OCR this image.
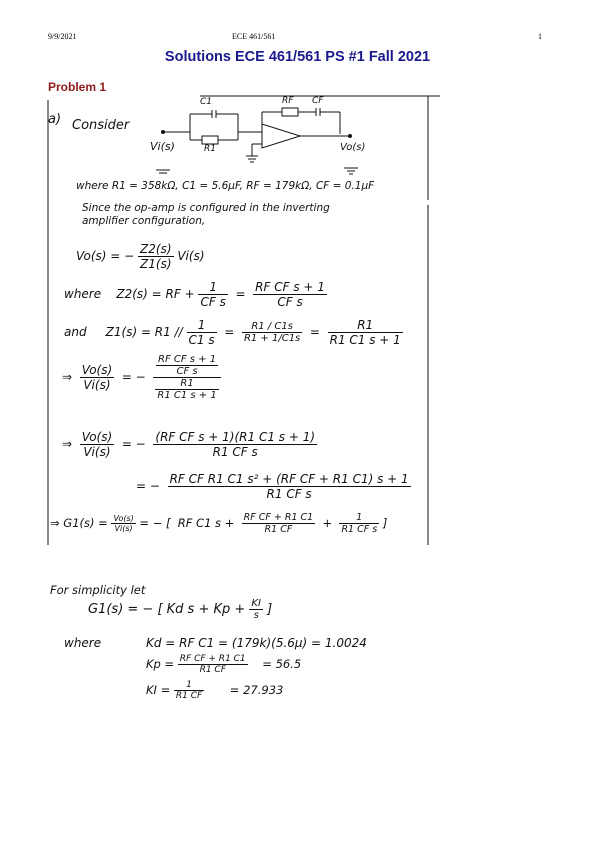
9/9/2021	ECE 461/561	1
Solutions ECE 461/561 PS #1 Fall 2021
Problem 1
a) Consider
C1
R1
RF CF
Vi(s)	Vo(s)
where R1 = 358kΩ, C1 = 5.6μF, RF = 179kΩ, CF = 0.1μF
Since the op-amp is configured in the inverting
amplifier configuration,
Vo(s) = − $\frac{Z2(s)}{Z1(s)} Vi(s)$
where Z2(s) = RF + $\frac{1}{\text{CF s}} = \frac{\text{RF CF s + 1}}{\text{CF s}}$
and $Z1(s) = R1 // \frac{1}{C1 s} = \frac{R1 / C1s}{R1 + 1/C1s} = \frac{R1}{R1 C1 s + 1}$
⇒ $\frac{Vo(s)}{Vi(s)}$ = − $\frac{\frac{\text{RF CF s + 1}}{\text{CF s}}}{\frac{R1}{R1 C1 s + 1}}$
⇒ $\frac{Vo(s)}{Vi(s)}$ = − $\frac{\text{(RF CF s + 1)(R1 C1 s + 1)}}{\text{R1 CF s}}$
= − $\frac{\text{RF CF R1 C1 s² + (RF CF + R1 C1) s + 1}}{\text{R1 CF s}}$
⇒ $G1(s) = \frac{Vo(s)}{Vi(s)}$ = − [ RF C1 $s + \frac{\text{RF CF + R1 C1}}{R1 CF} + \frac{1}{\text{R1 CF s}}$ ]
For simplicity let
G1(s) = − [ Kd $s + Kp + \frac{KI}{s}$ ]
where	Kd = RF C1 = (179k)(5.6μ) = 1.0024
$Kp = \frac{\text{RF CF + R1 C1}}{R1 CF} = 56.5$
KI = $\frac{1}{R1 CF} = 27.933$
